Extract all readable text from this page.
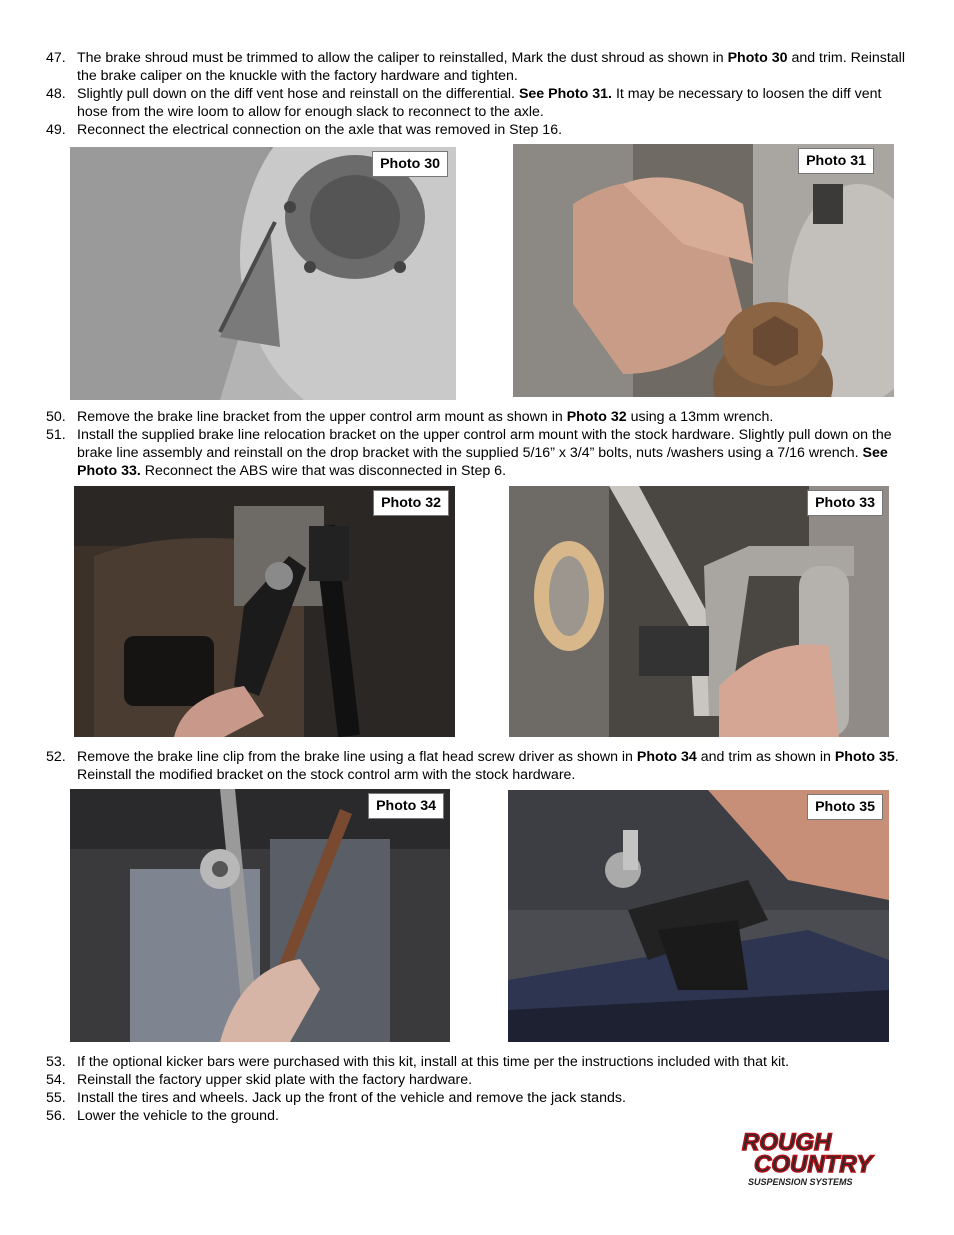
47. The brake shroud must be trimmed to allow the caliper to reinstalled, Mark the dust shroud as shown in Photo 30 and trim. Reinstall the brake caliper on the knuckle with the factory hardware and tighten.
48. Slightly pull down on the diff vent hose and reinstall on the differential. See Photo 31. It may be necessary to loosen the diff vent hose from the wire loom to allow for enough slack to reconnect to the axle.
49. Reconnect the electrical connection on the axle that was removed in Step 16.
Photo 30	Photo 31
50. Remove the brake line bracket from the upper control arm mount as shown in Photo 32 using a 13mm wrench.
51. Install the supplied brake line relocation bracket on the upper control arm mount with the stock hardware. Slightly pull down on the brake line assembly and reinstall on the drop bracket with the supplied 5/16” x 3/4” bolts, nuts /washers using a 7/16 wrench. See Photo 33. Reconnect the ABS wire that was disconnected in Step 6.
Photo 32	Photo 33
52. Remove the brake line clip from the brake line using a flat head screw driver as shown in Photo 34 and trim as shown in Photo 35. Reinstall the modified bracket on the stock control arm with the stock hardware.
Photo 34	Photo 35
53. If the optional kicker bars were purchased with this kit, install at this time per the instructions included with that kit.
54. Reinstall the factory upper skid plate with the factory hardware.
55. Install the tires and wheels. Jack up the front of the vehicle and remove the jack stands.
56. Lower the vehicle to the ground.
ROUGH
COUNTRY
SUSPENSION SYSTEMS
